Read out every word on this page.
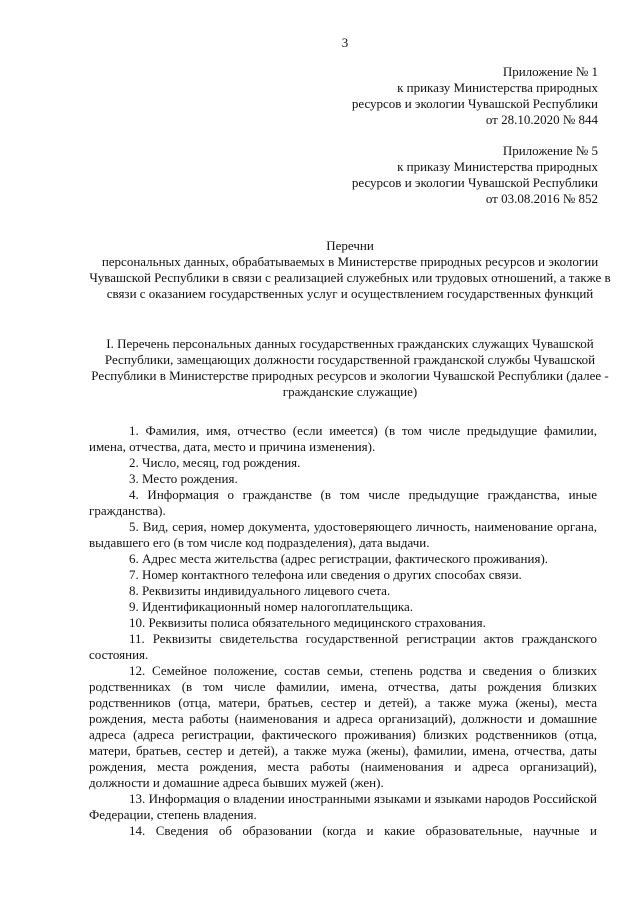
3
Приложение № 1
к приказу Министерства природных
ресурсов и экологии Чувашской Республики
от 28.10.2020 № 844
Приложение № 5
к приказу Министерства природных
ресурсов и экологии Чувашской Республики
от 03.08.2016 № 852
Перечни
персональных данных, обрабатываемых в Министерстве природных ресурсов и экологии Чувашской Республики в связи с реализацией служебных или трудовых отношений, а также в связи с оказанием государственных услуг и осуществлением государственных функций
I. Перечень персональных данных государственных гражданских служащих Чувашской Республики, замещающих должности государственной гражданской службы Чувашской Республики в Министерстве природных ресурсов и экологии Чувашской Республики (далее - гражданские служащие)

1. Фамилия, имя, отчество (если имеется) (в том числе предыдущие фамилии, имена, отчества, дата, место и причина изменения).

2. Число, месяц, год рождения.

3. Место рождения.

4. Информация о гражданстве (в том числе предыдущие гражданства, иные гражданства).

5. Вид, серия, номер документа, удостоверяющего личность, наименование органа, выдавшего его (в том числе код подразделения), дата выдачи.

6. Адрес места жительства (адрес регистрации, фактического проживания).

7. Номер контактного телефона или сведения о других способах связи.

8. Реквизиты индивидуального лицевого счета.

9. Идентификационный номер налогоплательщика.

10. Реквизиты полиса обязательного медицинского страхования.

11. Реквизиты свидетельства государственной регистрации актов гражданского состояния.

12. Семейное положение, состав семьи, степень родства и сведения о близких родственниках (в том числе фамилии, имена, отчества, даты рождения близких родственников (отца, матери, братьев, сестер и детей), а также мужа (жены), места рождения, места работы (наименования и адреса организаций), должности и домашние адреса (адреса регистрации, фактического проживания) близких родственников (отца, матери, братьев, сестер и детей), а также мужа (жены), фамилии, имена, отчества, даты рождения, места рождения, места работы (наименования и адреса организаций), должности и домашние адреса бывших мужей (жен).

13. Информация о владении иностранными языками и языками народов Российской Федерации, степень владения.

14. Сведения об образовании (когда и какие образовательные, научные и
